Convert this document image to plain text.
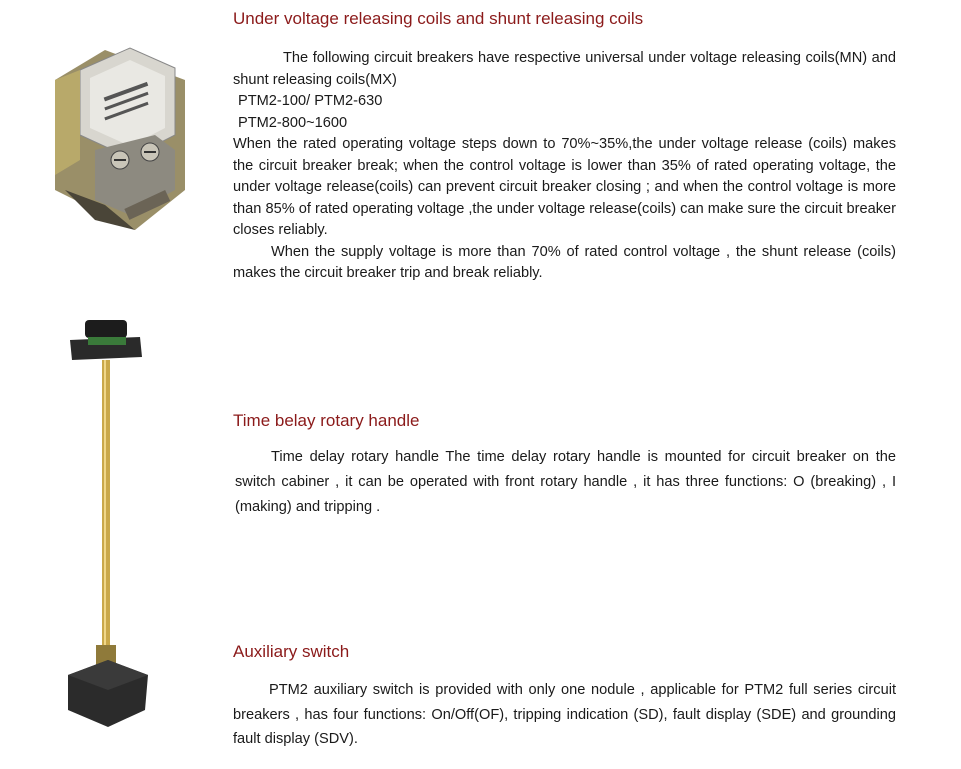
Under voltage releasing coils and shunt releasing coils
The following circuit breakers have respective universal under voltage releasing coils(MN) and shunt releasing coils(MX)
PTM2-100/ PTM2-630
PTM2-800~1600
When the rated operating voltage steps down to 70%~35%,the under voltage release (coils) makes the circuit breaker break; when the control voltage is lower than 35% of rated operating voltage, the under voltage release(coils) can prevent circuit breaker closing ; and when the control voltage is more than 85% of rated operating voltage ,the under voltage release(coils) can make sure the circuit breaker closes reliably.
When the supply voltage is more than 70% of rated control voltage , the shunt release (coils) makes the circuit breaker trip and break reliably.
Time belay rotary handle
Time delay rotary handle The time delay rotary handle is mounted for circuit breaker on the switch cabiner , it can be operated with front rotary handle , it has three functions: O (breaking) , I (making) and tripping .
Auxiliary switch
PTM2 auxiliary switch is provided with only one nodule , applicable for PTM2 full series circuit breakers , has four functions: On/Off(OF), tripping indication (SD), fault display (SDE) and grounding fault display (SDV).
